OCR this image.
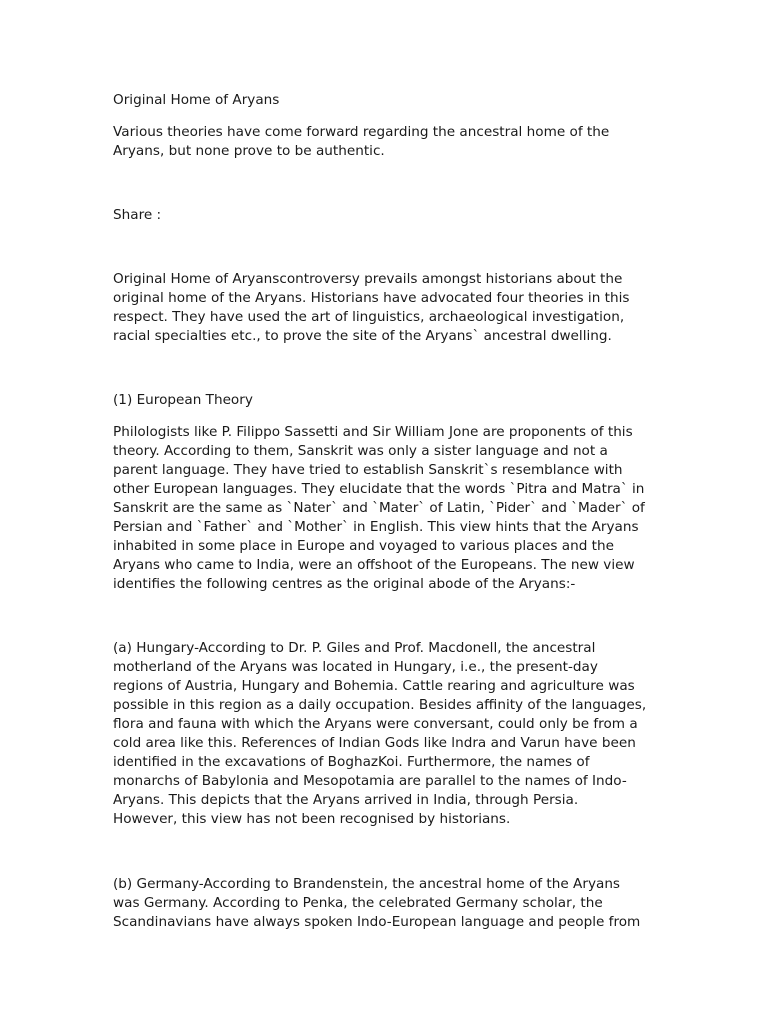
Original Home of Aryans

Various theories have come forward regarding the ancestral home of the
Aryans, but none prove to be authentic.

Share :

Original Home of Aryanscontroversy prevails amongst historians about the
original home of the Aryans. Historians have advocated four theories in this
respect. They have used the art of linguistics, archaeological investigation,
racial specialties etc., to prove the site of the Aryans` ancestral dwelling.

(1) European Theory

Philologists like P. Filippo Sassetti and Sir William Jone are proponents of this
theory. According to them, Sanskrit was only a sister language and not a
parent language. They have tried to establish Sanskrit`s resemblance with
other European languages. They elucidate that the words `Pitra and Matra` in
Sanskrit are the same as `Nater` and `Mater` of Latin, `Pider` and `Mader` of
Persian and `Father` and `Mother` in English. This view hints that the Aryans
inhabited in some place in Europe and voyaged to various places and the
Aryans who came to India, were an offshoot of the Europeans. The new view
identifies the following centres as the original abode of the Aryans:-

(a) Hungary-According to Dr. P. Giles and Prof. Macdonell, the ancestral
motherland of the Aryans was located in Hungary, i.e., the present-day
regions of Austria, Hungary and Bohemia. Cattle rearing and agriculture was
possible in this region as a daily occupation. Besides affinity of the languages,
flora and fauna with which the Aryans were conversant, could only be from a
cold area like this. References of Indian Gods like lndra and Varun have been
identified in the excavations of BoghazKoi. Furthermore, the names of
monarchs of Babylonia and Mesopotamia are parallel to the names of Indo-
Aryans. This depicts that the Aryans arrived in India, through Persia.
However, this view has not been recognised by historians.

(b) Germany-According to Brandenstein, the ancestral home of the Aryans
was Germany. According to Penka, the celebrated Germany scholar, the
Scandinavians have always spoken Indo-European language and people from
